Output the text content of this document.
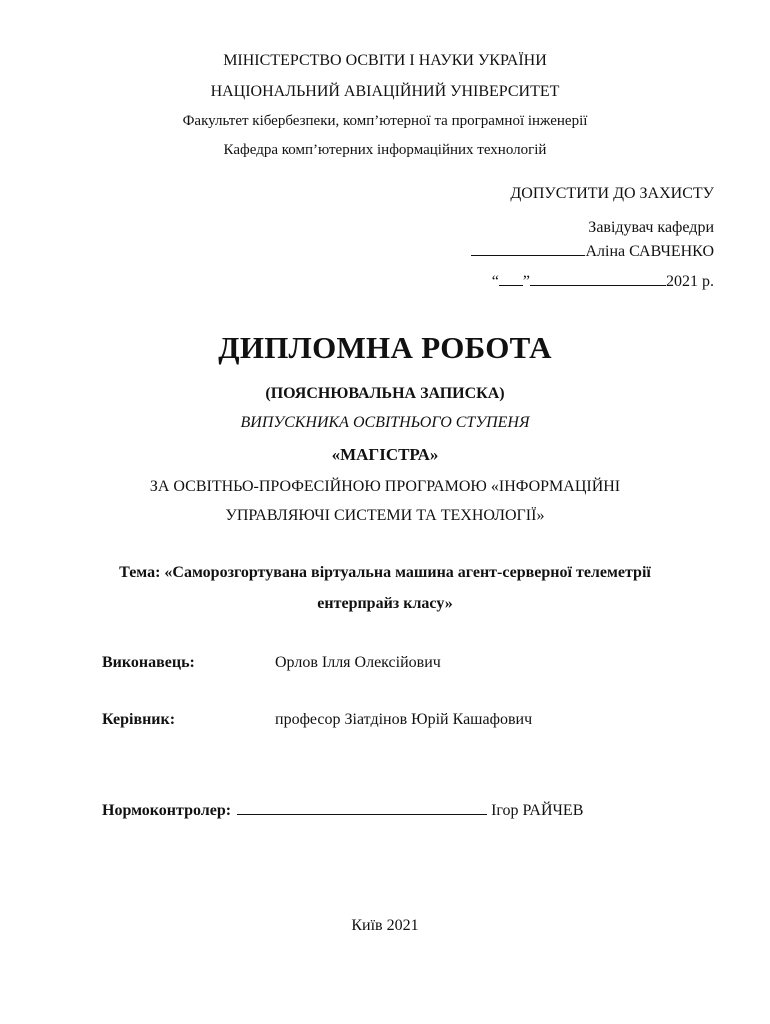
МІНІСТЕРСТВО ОСВІТИ І НАУКИ УКРАЇНИ
НАЦІОНАЛЬНИЙ АВІАЦІЙНИЙ УНІВЕРСИТЕТ
Факультет кібербезпеки, комп’ютерної та програмної інженерії
Кафедра комп’ютерних інформаційних технологій
ДОПУСТИТИ ДО ЗАХИСТУ
Завідувач кафедри
Аліна САВЧЕНКО
“ ”	2021 р.
ДИПЛОМНА РОБОТА
(ПОЯСНЮВАЛЬНА ЗАПИСКА)
ВИПУСКНИКА ОСВІТНЬОГО СТУПЕНЯ
«МАГІСТРА»
ЗА ОСВІТНЬО-ПРОФЕСІЙНОЮ ПРОГРАМОЮ «ІНФОРМАЦІЙНІ
УПРАВЛЯЮЧІ СИСТЕМИ ТА ТЕХНОЛОГІЇ»
Тема: «Саморозгортувана віртуальна машина агент-серверної телеметрії
ентерпрайз класу»
Виконавець:	Орлов Ілля Олексійович
Керівник:	професор Зіатдінов Юрій Кашафович
Нормоконтролер:	Ігор РАЙЧЕВ
Київ 2021
